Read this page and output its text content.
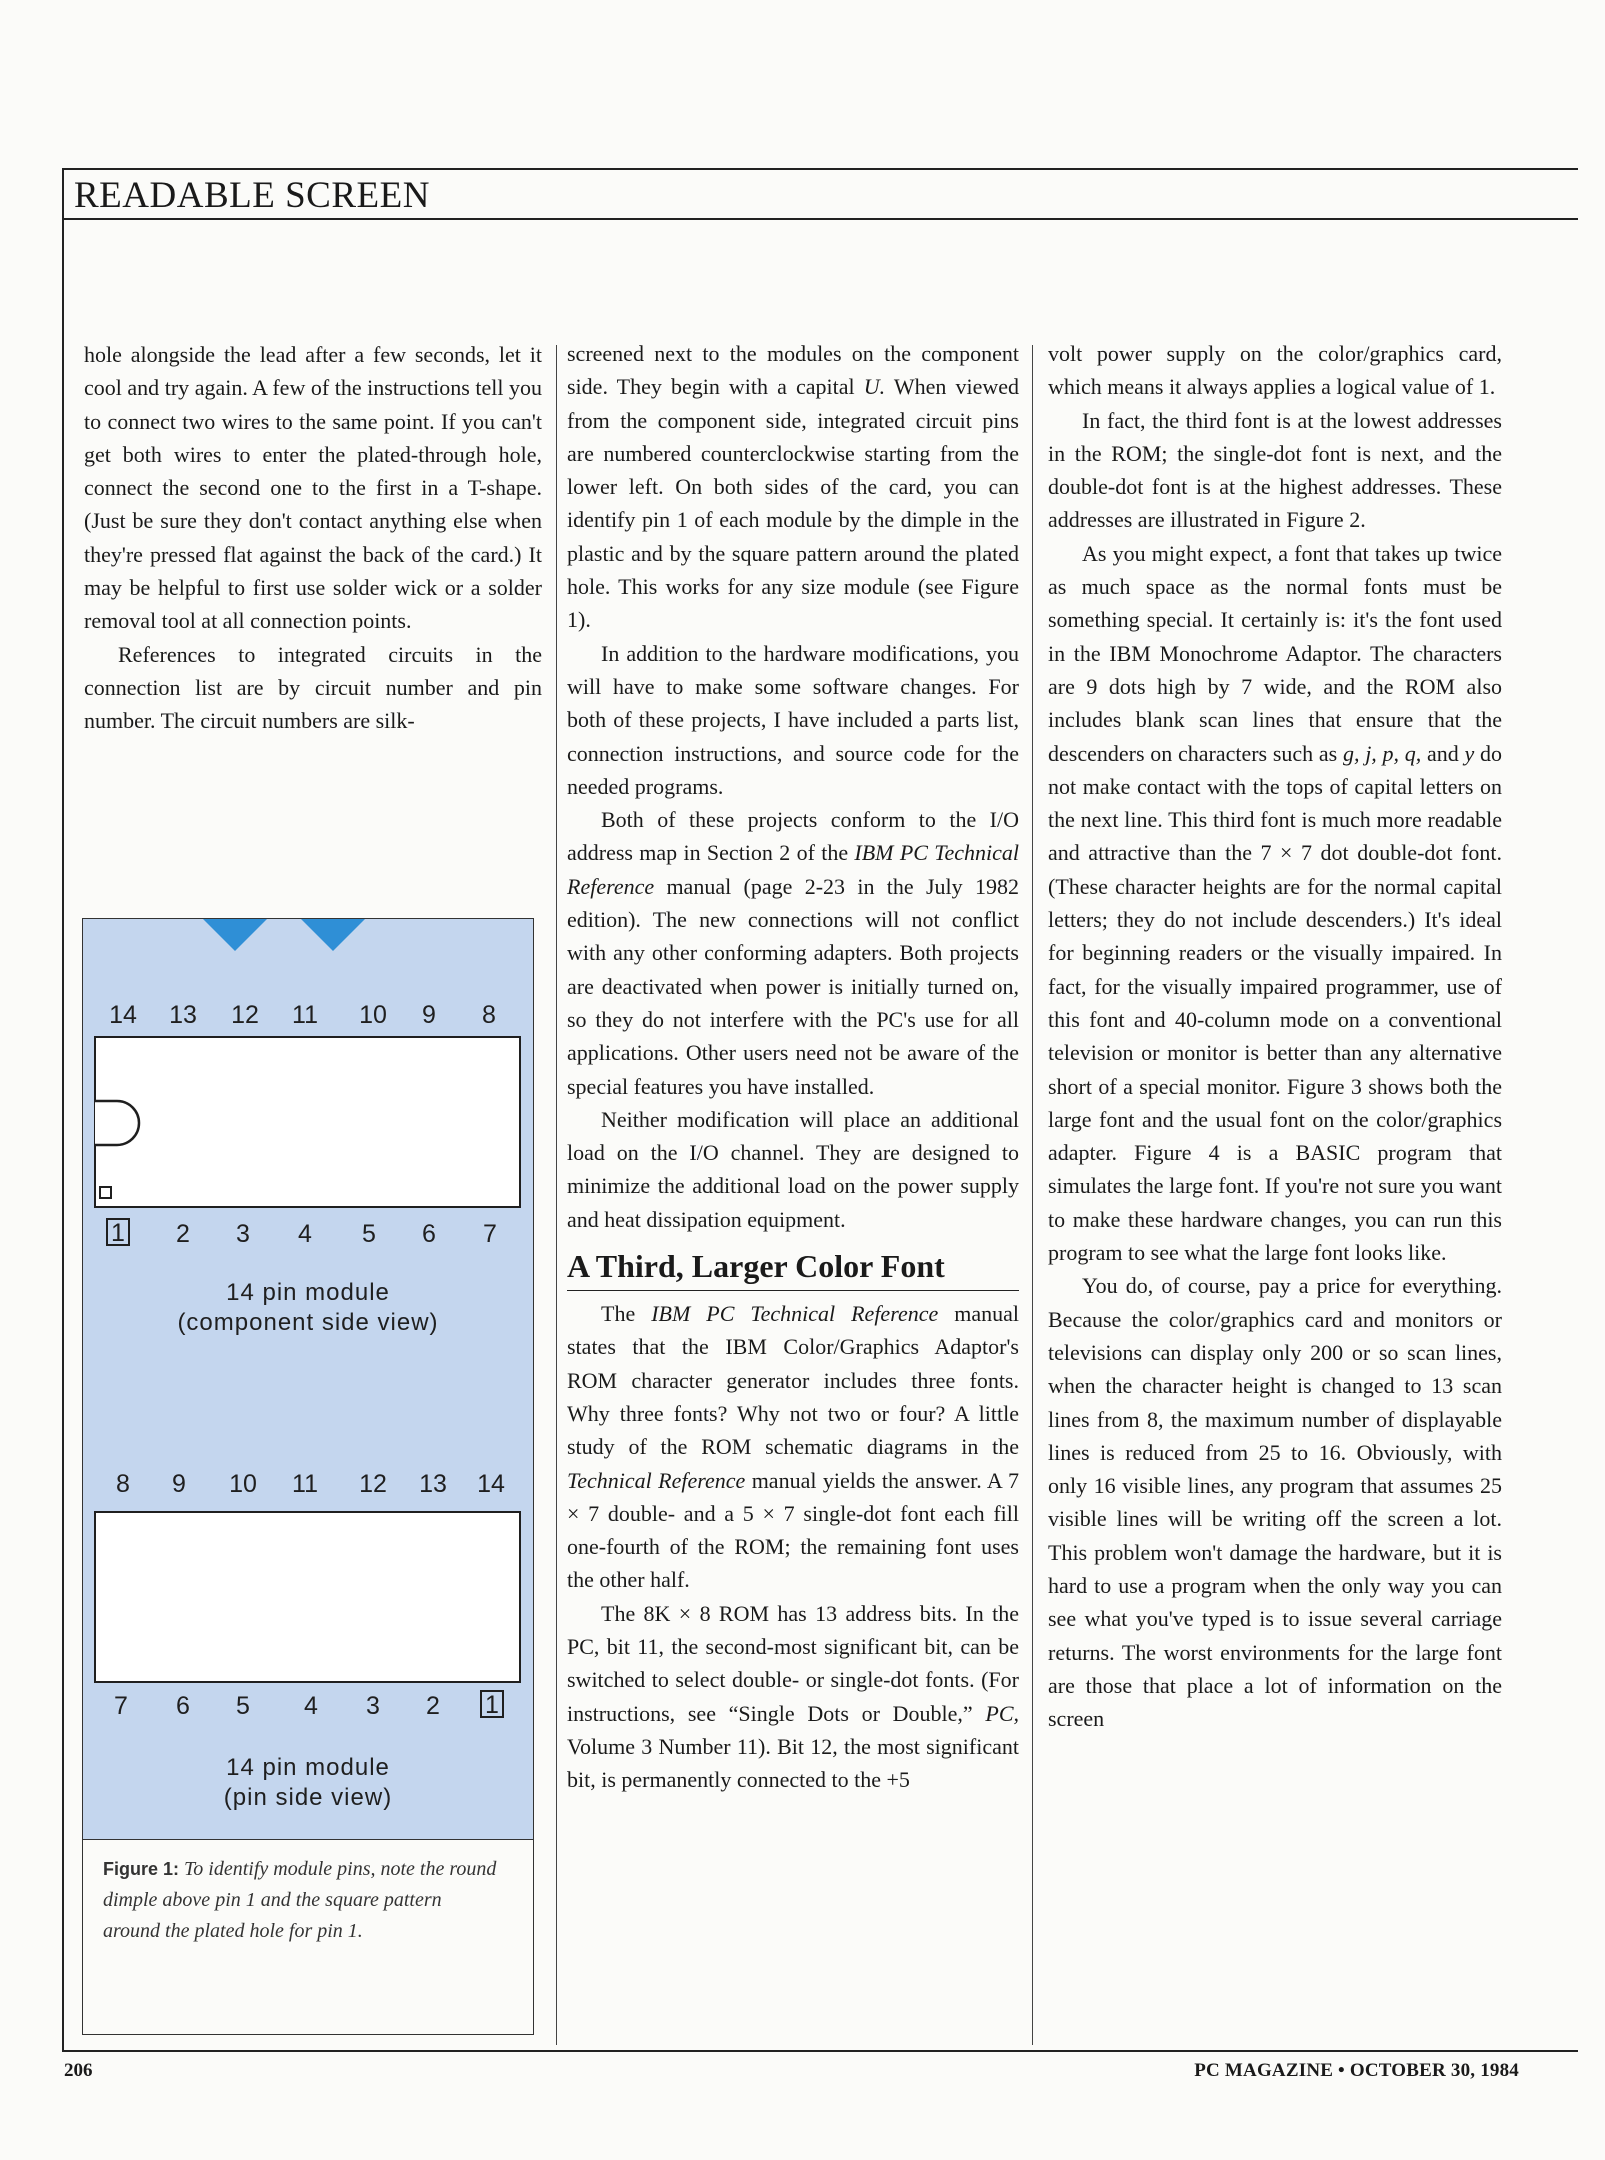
READABLE SCREEN

hole alongside the lead after a few seconds, let it cool and try again. A few of the instructions tell you to connect two wires to the same point. If you can't get both wires to enter the plated-through hole, connect the second one to the first in a T-shape. (Just be sure they don't contact anything else when they're pressed flat against the back of the card.) It may be helpful to first use solder wick or a solder removal tool at all connection points.

References to integrated circuits in the connection list are by circuit number and pin number. The circuit numbers are silk-

14 13 12 11 10 9 8
1 2 3 4 5 6 7
14 pin module
(component side view)
8 9 10 11 12 13 14
7 6 5 4 3 2 1
14 pin module
(pin side view)
Figure 1: To identify module pins, note the round dimple above pin 1 and the square pattern around the plated hole for pin 1.

screened next to the modules on the component side. They begin with a capital U. When viewed from the component side, integrated circuit pins are numbered counterclockwise starting from the lower left. On both sides of the card, you can identify pin 1 of each module by the dimple in the plastic and by the square pattern around the plated hole. This works for any size module (see Figure 1).

In addition to the hardware modifications, you will have to make some software changes. For both of these projects, I have included a parts list, connection instructions, and source code for the needed programs.

Both of these projects conform to the I/O address map in Section 2 of the IBM PC Technical Reference manual (page 2-23 in the July 1982 edition). The new connections will not conflict with any other conforming adapters. Both projects are deactivated when power is initially turned on, so they do not interfere with the PC's use for all applications. Other users need not be aware of the special features you have installed.

Neither modification will place an additional load on the I/O channel. They are designed to minimize the additional load on the power supply and heat dissipation equipment.

A Third, Larger Color Font

The IBM PC Technical Reference manual states that the IBM Color/Graphics Adaptor's ROM character generator includes three fonts. Why three fonts? Why not two or four? A little study of the ROM schematic diagrams in the Technical Reference manual yields the answer. A 7 × 7 double- and a 5 × 7 single-dot font each fill one-fourth of the ROM; the remaining font uses the other half.

The 8K × 8 ROM has 13 address bits. In the PC, bit 11, the second-most significant bit, can be switched to select double- or single-dot fonts. (For instructions, see “Single Dots or Double,” PC, Volume 3 Number 11). Bit 12, the most significant bit, is permanently connected to the +5

volt power supply on the color/graphics card, which means it always applies a logical value of 1.

In fact, the third font is at the lowest addresses in the ROM; the single-dot font is next, and the double-dot font is at the highest addresses. These addresses are illustrated in Figure 2.

As you might expect, a font that takes up twice as much space as the normal fonts must be something special. It certainly is: it's the font used in the IBM Monochrome Adaptor. The characters are 9 dots high by 7 wide, and the ROM also includes blank scan lines that ensure that the descenders on characters such as g, j, p, q, and y do not make contact with the tops of capital letters on the next line. This third font is much more readable and attractive than the 7 × 7 dot double-dot font. (These character heights are for the normal capital letters; they do not include descenders.) It's ideal for beginning readers or the visually impaired. In fact, for the visually impaired programmer, use of this font and 40-column mode on a conventional television or monitor is better than any alternative short of a special monitor. Figure 3 shows both the large font and the usual font on the color/graphics adapter. Figure 4 is a BASIC program that simulates the large font. If you're not sure you want to make these hardware changes, you can run this program to see what the large font looks like.

You do, of course, pay a price for everything. Because the color/graphics card and monitors or televisions can display only 200 or so scan lines, when the character height is changed to 13 scan lines from 8, the maximum number of displayable lines is reduced from 25 to 16. Obviously, with only 16 visible lines, any program that assumes 25 visible lines will be writing off the screen a lot. This problem won't damage the hardware, but it is hard to use a program when the only way you can see what you've typed is to issue several carriage returns. The worst environments for the large font are those that place a lot of information on the screen

206	PC MAGAZINE • OCTOBER 30, 1984
